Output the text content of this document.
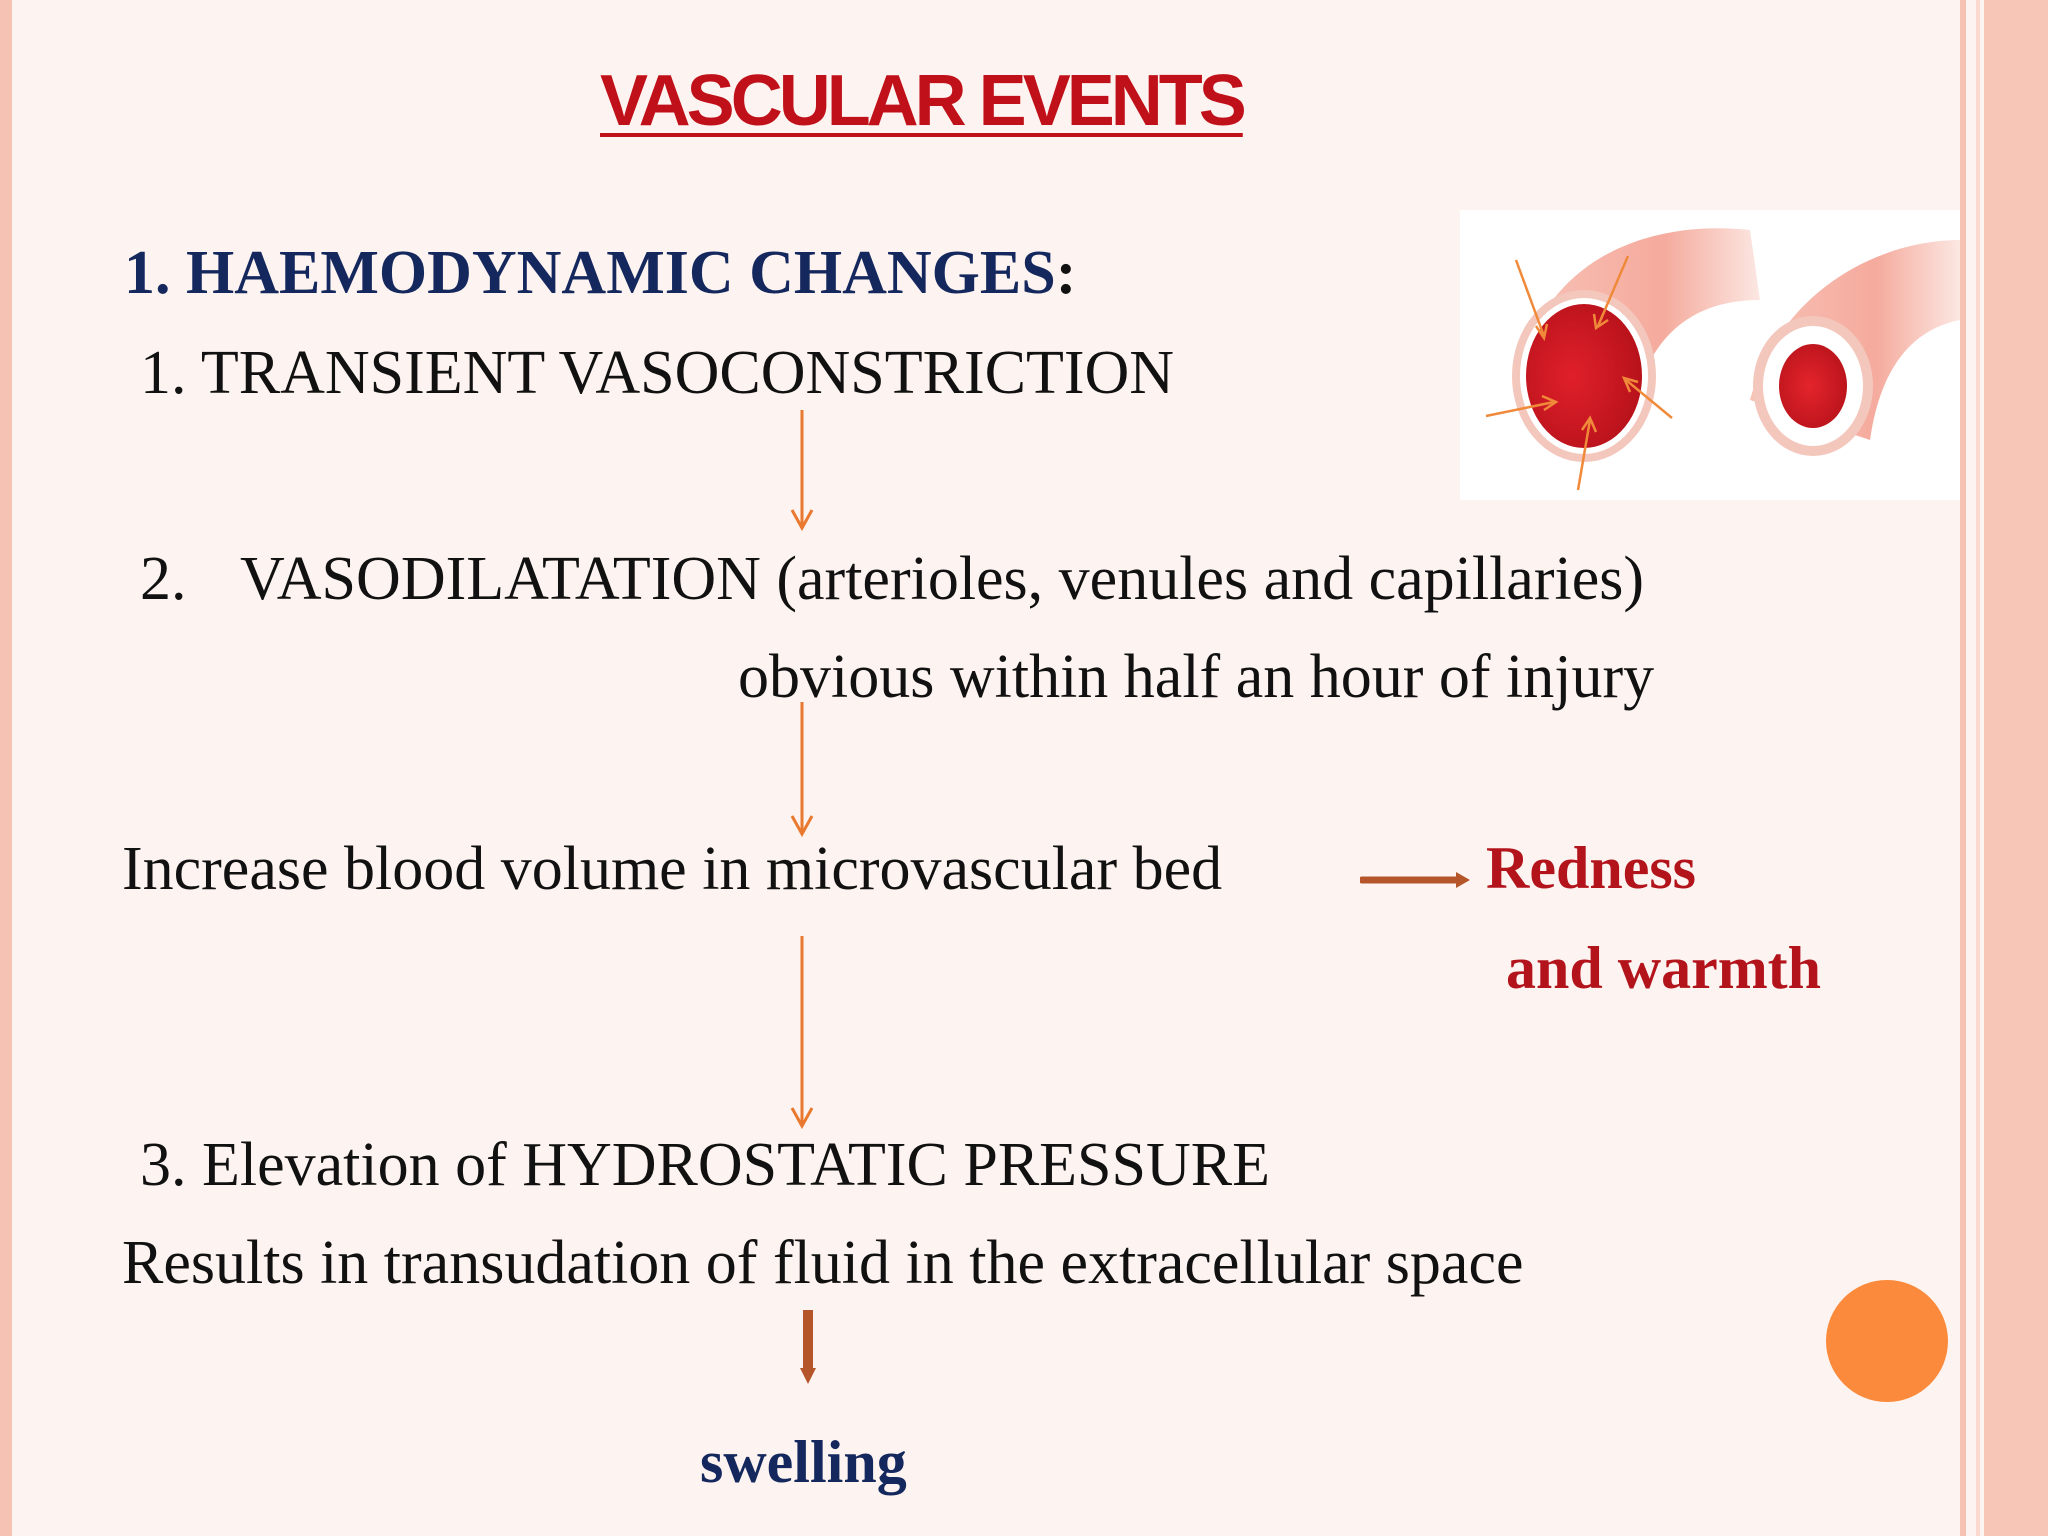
VASCULAR EVENTS
1. HAEMODYNAMIC CHANGES:
1. TRANSIENT VASOCONSTRICTION
2. VASODILATATION (arterioles, venules and capillaries)
obvious within half an hour of injury
Increase blood volume in microvascular bed	Redness
and warmth
3. Elevation of HYDROSTATIC PRESSURE
Results in transudation of fluid in the extracellular space
swelling
